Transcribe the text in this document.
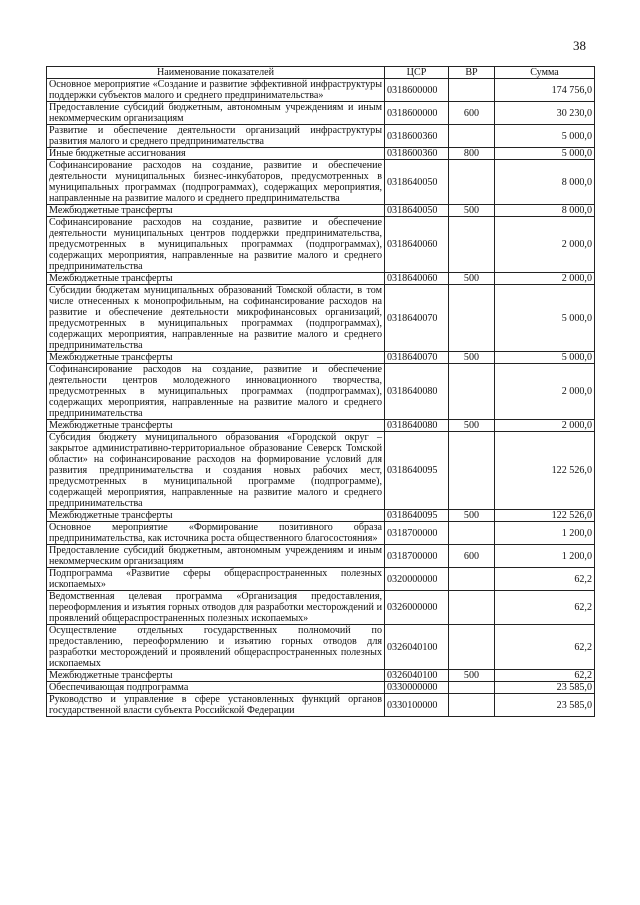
38
Наименование показателей	ЦСР	ВР	Сумма
Основное мероприятие «Создание и развитие эффективной инфраструктуры поддержки субъектов малого и среднего предпринимательства»	0318600000		174 756,0
Предоставление субсидий бюджетным, автономным учреждениям и иным некоммерческим организациям	0318600000	600	30 230,0
Развитие и обеспечение деятельности организаций инфраструктуры развития малого и среднего предпринимательства	0318600360		5 000,0
Иные бюджетные ассигнования	0318600360	800	5 000,0
Софинансирование расходов на создание, развитие и обеспечение деятельности муниципальных бизнес-инкубаторов, предусмотренных в муниципальных программах (подпрограммах), содержащих мероприятия, направленные на развитие малого и среднего предпринимательства	0318640050		8 000,0
Межбюджетные трансферты	0318640050	500	8 000,0
Софинансирование расходов на создание, развитие и обеспечение деятельности муниципальных центров поддержки предпринимательства, предусмотренных в муниципальных программах (подпрограммах), содержащих мероприятия, направленные на развитие малого и среднего предпринимательства	0318640060		2 000,0
Межбюджетные трансферты	0318640060	500	2 000,0
Субсидии бюджетам муниципальных образований Томской области, в том числе отнесенных к монопрофильным, на софинансирование расходов на развитие и обеспечение деятельности микрофинансовых организаций, предусмотренных в муниципальных программах (подпрограммах), содержащих мероприятия, направленные на развитие малого и среднего предпринимательства	0318640070		5 000,0
Межбюджетные трансферты	0318640070	500	5 000,0
Софинансирование расходов на создание, развитие и обеспечение деятельности центров молодежного инновационного творчества, предусмотренных в муниципальных программах (подпрограммах), содержащих мероприятия, направленные на развитие малого и среднего предпринимательства	0318640080		2 000,0
Межбюджетные трансферты	0318640080	500	2 000,0
Субсидия бюджету муниципального образования «Городской округ – закрытое административно-территориальное образование Северск Томской области» на софинансирование расходов на формирование условий для развития предпринимательства и создания новых рабочих мест, предусмотренных в муниципальной программе (подпрограмме), содержащей мероприятия, направленные на развитие малого и среднего предпринимательства	0318640095		122 526,0
Межбюджетные трансферты	0318640095	500	122 526,0
Основное мероприятие «Формирование позитивного образа предпринимательства, как источника роста общественного благосостояния»	0318700000		1 200,0
Предоставление субсидий бюджетным, автономным учреждениям и иным некоммерческим организациям	0318700000	600	1 200,0
Подпрограмма «Развитие сферы общераспространенных полезных ископаемых»	0320000000		62,2
Ведомственная целевая программа «Организация предоставления, переоформления и изъятия горных отводов для разработки месторождений и проявлений общераспространенных полезных ископаемых»	0326000000		62,2
Осуществление отдельных государственных полномочий по предоставлению, переоформлению и изъятию горных отводов для разработки месторождений и проявлений общераспространенных полезных ископаемых	0326040100		62,2
Межбюджетные трансферты	0326040100	500	62,2
Обеспечивающая подпрограмма	0330000000		23 585,0
Руководство и управление в сфере установленных функций органов государственной власти субъекта Российской Федерации	0330100000		23 585,0
